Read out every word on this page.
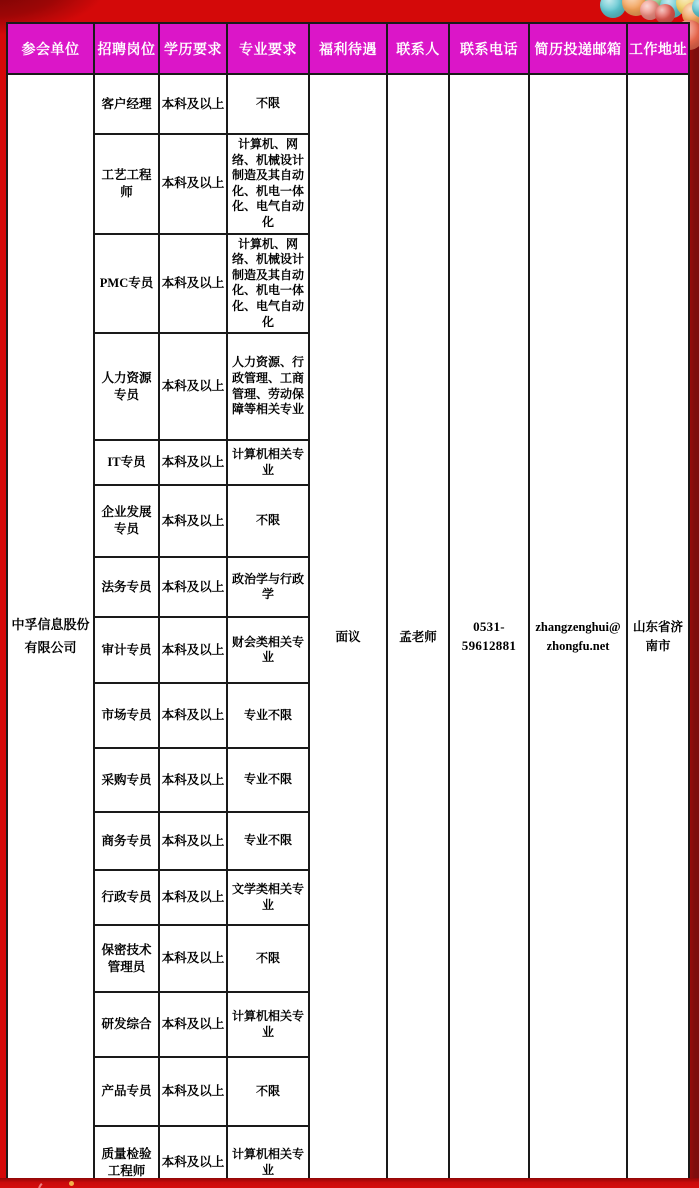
参会单位	招聘岗位	学历要求	专业要求	福利待遇	联系人	联系电话	简历投递邮箱	工作地址
中孚信息股份有限公司	客户经理	本科及以上	不限	面议	孟老师	0531-59612881	zhangzenghui@zhongfu.net	山东省济南市
	工艺工程师	本科及以上	计算机、网络、机械设计制造及其自动化、机电一体化、电气自动化					
	PMC专员	本科及以上	计算机、网络、机械设计制造及其自动化、机电一体化、电气自动化					
	人力资源专员	本科及以上	人力资源、行政管理、工商管理、劳动保障等相关专业					
	IT专员	本科及以上	计算机相关专业					
	企业发展专员	本科及以上	不限					
	法务专员	本科及以上	政治学与行政学					
	审计专员	本科及以上	财会类相关专业					
	市场专员	本科及以上	专业不限					
	采购专员	本科及以上	专业不限					
	商务专员	本科及以上	专业不限					
	行政专员	本科及以上	文学类相关专业					
	保密技术管理员	本科及以上	不限					
	研发综合	本科及以上	计算机相关专业					
	产品专员	本科及以上	不限					
	质量检验工程师	本科及以上	计算机相关专业					
